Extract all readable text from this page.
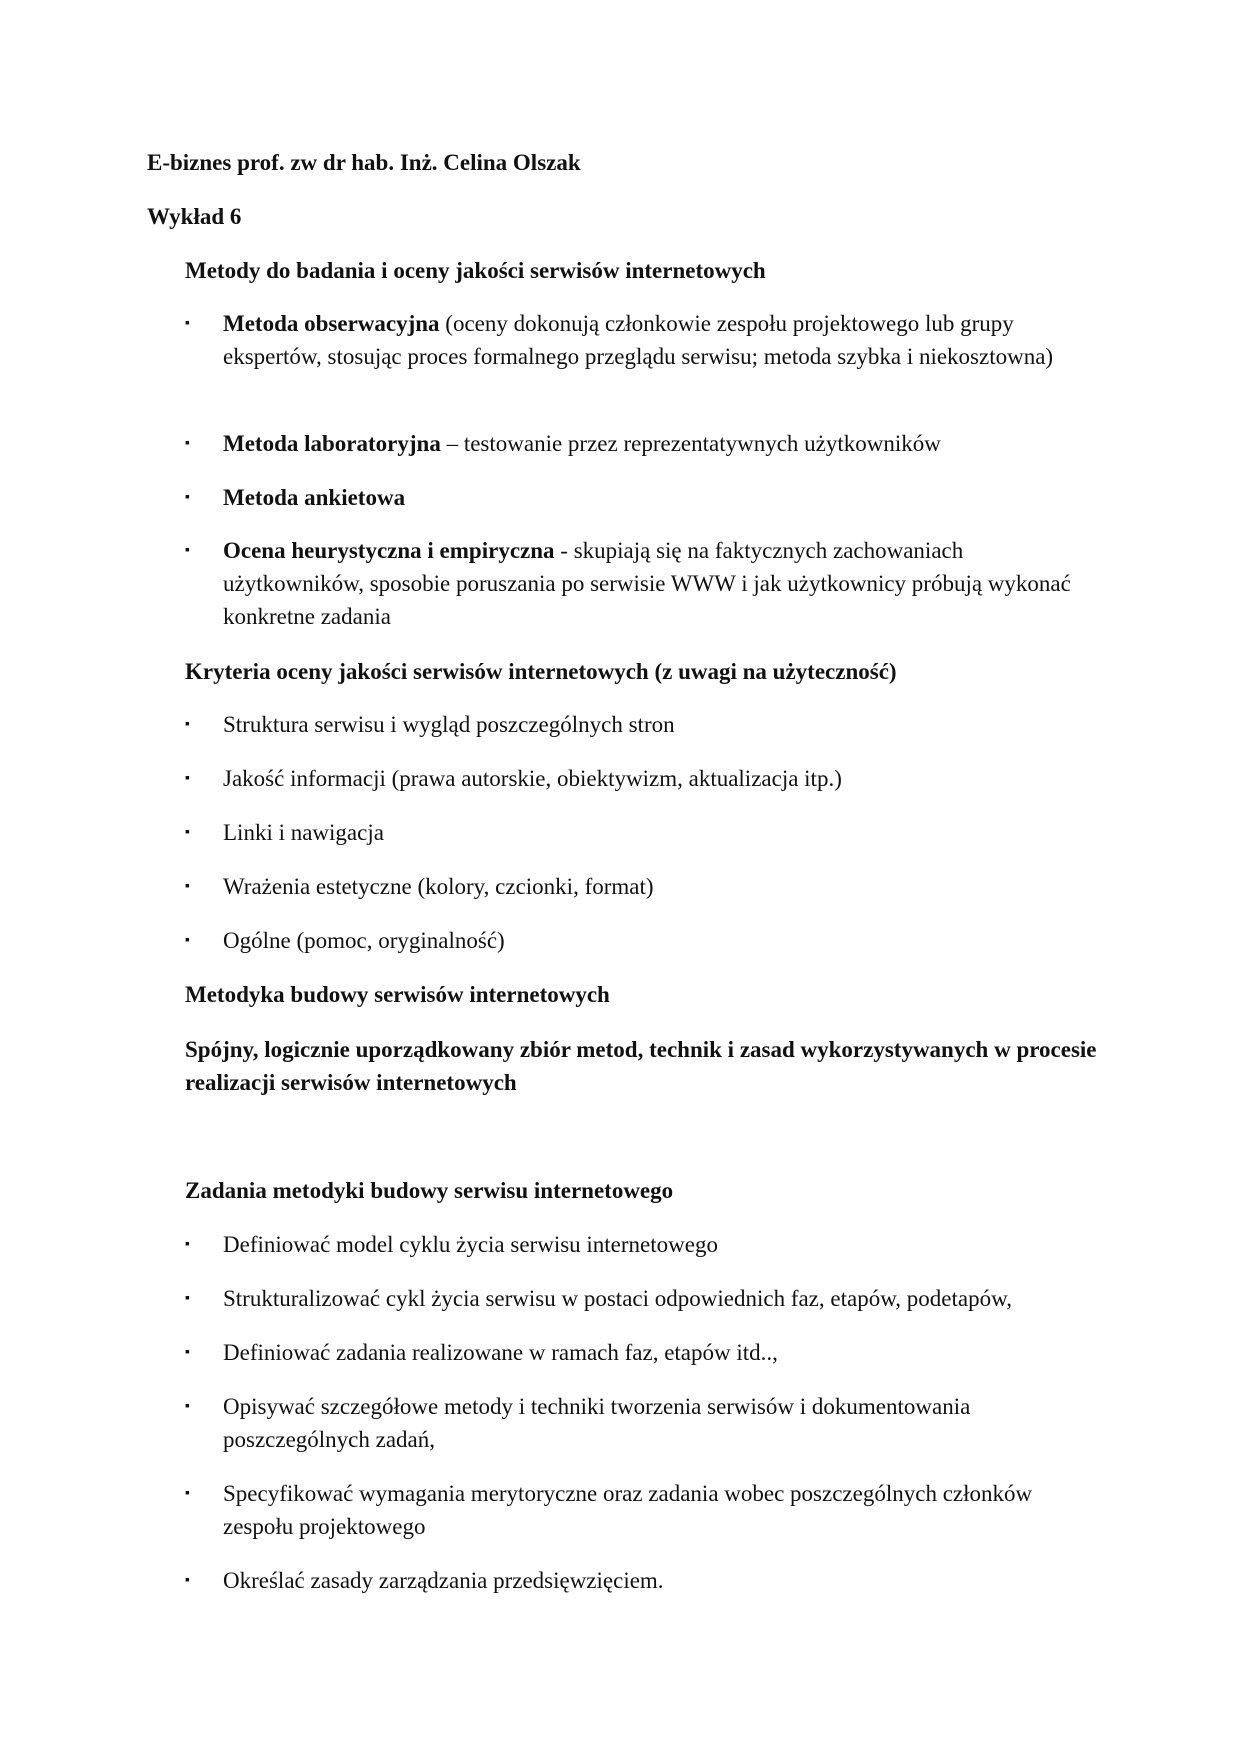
E-biznes prof. zw dr hab. Inż. Celina Olszak
Wykład 6
Metody do badania i oceny jakości serwisów internetowych
▪	Metoda obserwacyjna (oceny dokonują członkowie zespołu projektowego lub grupy ekspertów, stosując proces formalnego przeglądu serwisu; metoda szybka i niekosztowna)
▪	Metoda laboratoryjna – testowanie przez reprezentatywnych użytkowników
▪	Metoda ankietowa
▪	Ocena heurystyczna i empiryczna - skupiają się na faktycznych zachowaniach użytkowników, sposobie poruszania po serwisie WWW i jak użytkownicy próbują wykonać konkretne zadania
Kryteria oceny jakości serwisów internetowych (z uwagi na użyteczność)
▪	Struktura serwisu i wygląd poszczególnych stron
▪	Jakość informacji (prawa autorskie, obiektywizm, aktualizacja itp.)
▪	Linki i nawigacja
▪	Wrażenia estetyczne (kolory, czcionki, format)
▪	Ogólne (pomoc, oryginalność)
Metodyka budowy serwisów internetowych
Spójny, logicznie uporządkowany zbiór metod, technik i zasad wykorzystywanych w procesie realizacji serwisów internetowych
Zadania metodyki budowy serwisu internetowego
▪	Definiować model cyklu życia serwisu internetowego
▪	Strukturalizować cykl życia serwisu w postaci odpowiednich faz, etapów, podetapów,
▪	Definiować zadania realizowane w ramach faz, etapów itd..,
▪	Opisywać szczegółowe metody i techniki tworzenia serwisów i dokumentowania poszczególnych zadań,
▪	Specyfikować wymagania merytoryczne oraz zadania wobec poszczególnych członków zespołu projektowego
▪	Określać zasady zarządzania przedsięwzięciem.
